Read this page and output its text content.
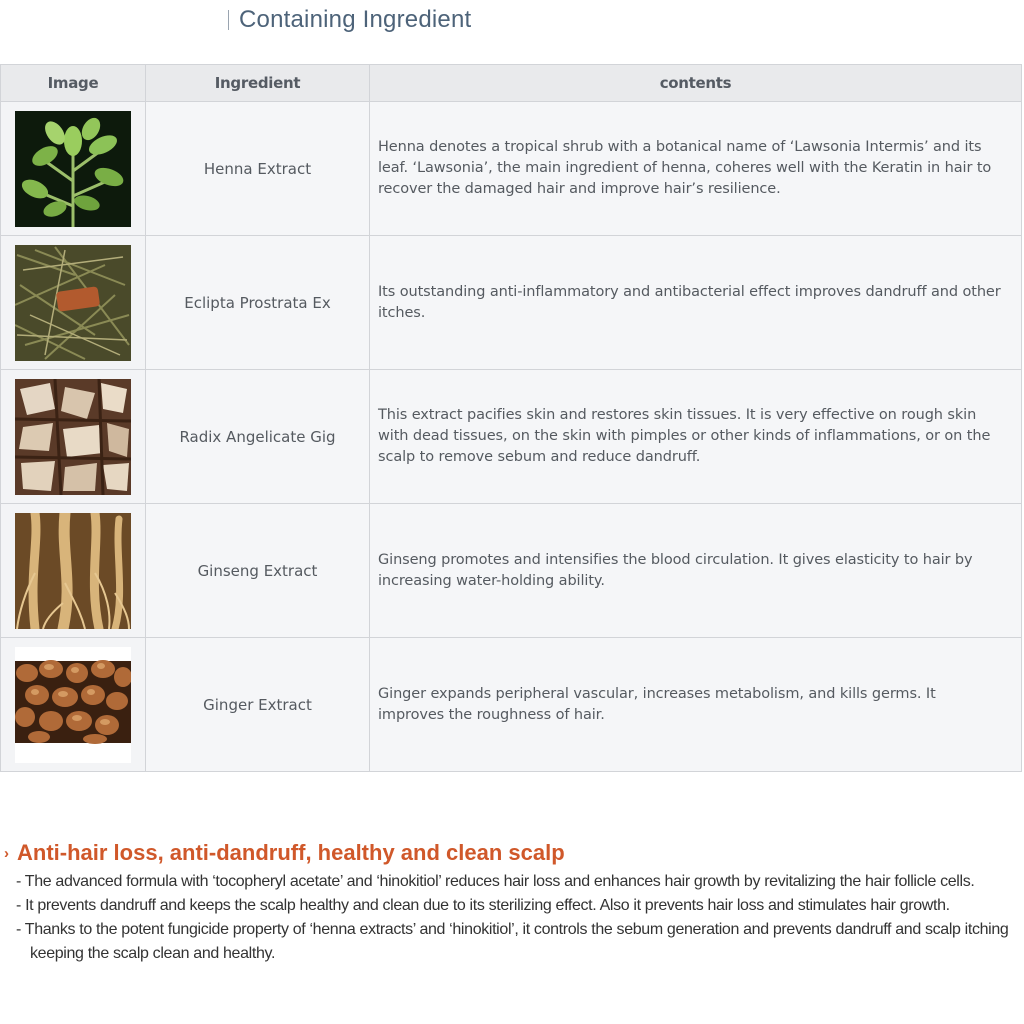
Containing Ingredient
Image	Ingredient	contents

	Henna Extract	Henna denotes a tropical shrub with a botanical name of ‘Lawsonia Intermis’ and its leaf. ‘Lawsonia’, the main ingredient of henna, coheres well with the Keratin in hair to recover the damaged hair and improve hair’s resilience.

	Eclipta Prostrata Ex	Its outstanding anti-inflammatory and antibacterial effect improves dandruff and other itches.

	Radix Angelicate Gig	This extract pacifies skin and restores skin tissues. It is very effective on rough skin with dead tissues, on the skin with pimples or other kinds of inflammations, or on the scalp to remove sebum and reduce dandruff.

	Ginseng Extract	Ginseng promotes and intensifies the blood circulation. It gives elasticity to hair by increasing water-holding ability.

	Ginger Extract	Ginger expands peripheral vascular, increases metabolism, and kills germs. It improves the roughness of hair.
› Anti-hair loss, anti-dandruff, healthy and clean scalp
- The advanced formula with ‘tocopheryl acetate’ and ‘hinokitiol’ reduces hair loss and enhances hair growth by revitalizing the hair follicle cells.
- It prevents dandruff and keeps the scalp healthy and clean due to its sterilizing effect. Also it prevents hair loss and stimulates hair growth.
- Thanks to the potent fungicide property of ‘henna extracts’ and ‘hinokitiol’, it controls the sebum generation and prevents dandruff and scalp itching keeping the scalp clean and healthy.
